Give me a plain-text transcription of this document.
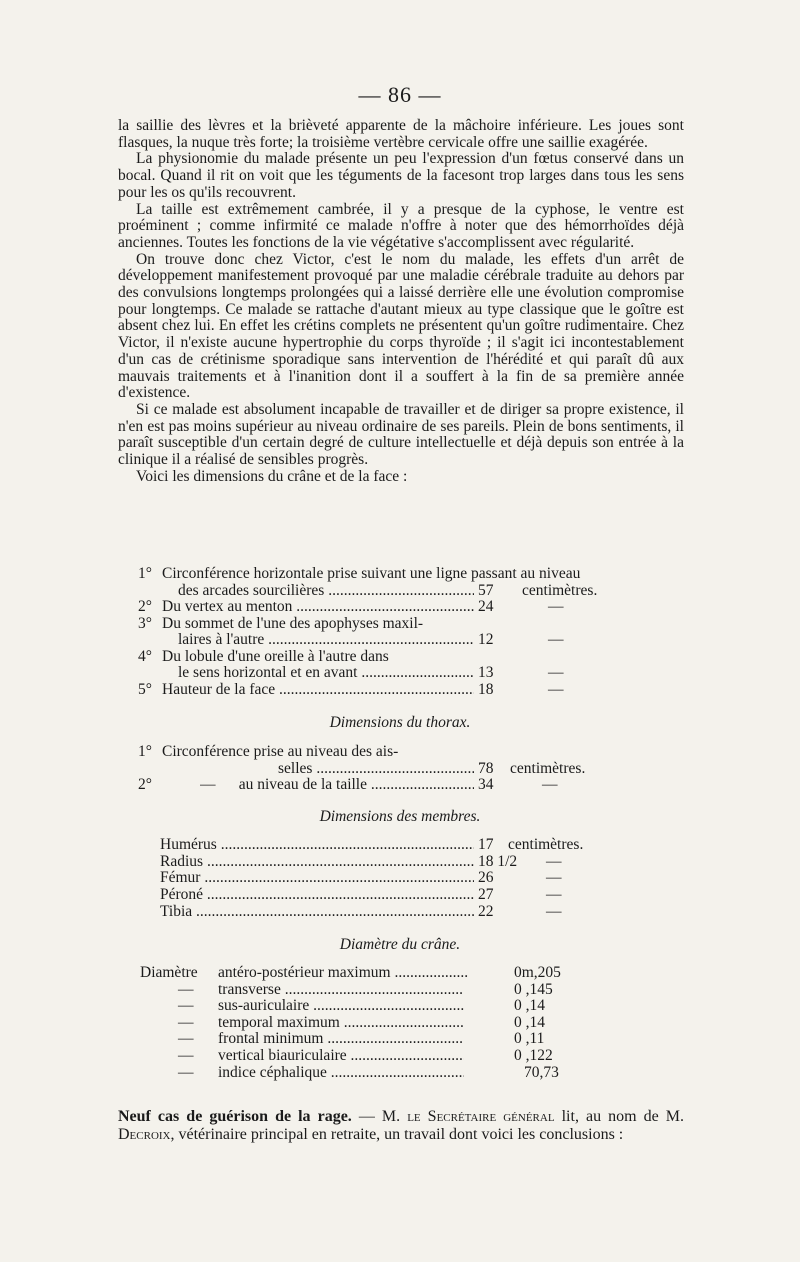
— 86 —

la saillie des lèvres et la brièveté apparente de la mâchoire inférieure. Les joues sont flasques, la nuque très forte; la troisième vertèbre cervicale offre une saillie exagérée.

La physionomie du malade présente un peu l'expression d'un fœtus conservé dans un bocal. Quand il rit on voit que les téguments de la facesont trop larges dans tous les sens pour les os qu'ils recouvrent.

La taille est extrêmement cambrée, il y a presque de la cyphose, le ventre est proéminent ; comme infirmité ce malade n'offre à noter que des hémorrhoïdes déjà anciennes. Toutes les fonctions de la vie végétative s'accomplissent avec régularité.

On trouve donc chez Victor, c'est le nom du malade, les effets d'un arrêt de développement manifestement provoqué par une maladie cérébrale traduite au dehors par des convulsions longtemps prolongées qui a laissé derrière elle une évolution compromise pour longtemps. Ce malade se rattache d'autant mieux au type classique que le goître est absent chez lui. En effet les crétins complets ne présentent qu'un goître rudimentaire. Chez Victor, il n'existe aucune hypertrophie du corps thyroïde ; il s'agit ici incontestablement d'un cas de crétinisme sporadique sans intervention de l'hérédité et qui paraît dû aux mauvais traitements et à l'inanition dont il a souffert à la fin de sa première année d'existence.

Si ce malade est absolument incapable de travailler et de diriger sa propre existence, il n'en est pas moins supérieur au niveau ordinaire de ses pareils. Plein de bons sentiments, il paraît susceptible d'un certain degré de culture intellectuelle et déjà depuis son entrée à la clinique il a réalisé de sensibles progrès.

Voici les dimensions du crâne et de la face :

1° Circonférence horizontale prise suivant une ligne passant au niveau
des arcades sourcilières .....	57 centimètres.
2° Du vertex au menton .....	24	—
3° Du sommet de l'une des apophyses maxil-
laires à l'autre .....	12	—
4° Du lobule d'une oreille à l'autre dans
le sens horizontal et en avant .....	13	—
5° Hauteur de la face .....	18	—
Dimensions du thorax.
1° Circonférence prise au niveau des ais-
selles .....	78 centimètres.
2°	—      au niveau de la taille .....	34	—
Dimensions des membres.
Humérus .....	17 centimètres.
Radius .....	18 1/2 —
Fémur .....	26	—
Péroné .....	27	—
Tibia .....	22	—
Diamètre du crâne.
Diamètre antéro-postérieur maximum .....	0m,205
— transverse .....	0 ,145
— sus-auriculaire .....	0 ,14
— temporal maximum .....	0 ,14
— frontal minimum .....	0 ,11
— vertical biauriculaire .....	0 ,122
— indice céphalique .....	70,73
Neuf cas de guérison de la rage. — M. le Secrétaire général lit, au nom de M. Decroix, vétérinaire principal en retraite, un travail dont voici les conclusions :
